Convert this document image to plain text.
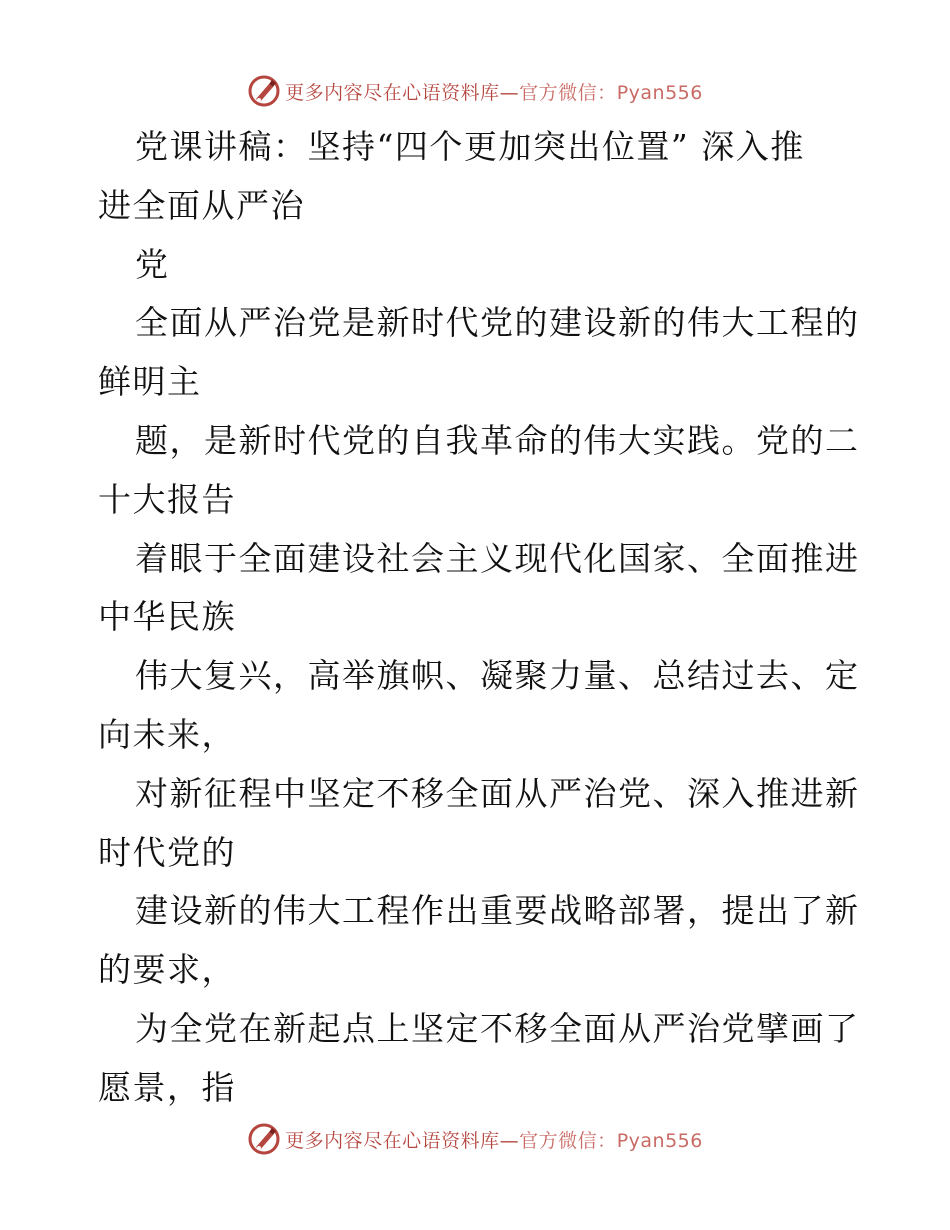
更多内容尽在心语资料库—官方微信：Pyan556
党课讲稿：坚持“四个更加突出位置” 深入推
进全面从严治
党
全面从严治党是新时代党的建设新的伟大工程的
鲜明主
题，是新时代党的自我革命的伟大实践。党的二
十大报告
着眼于全面建设社会主义现代化国家、全面推进
中华民族
伟大复兴，高举旗帜、凝聚力量、总结过去、定
向未来，
对新征程中坚定不移全面从严治党、深入推进新
时代党的
建设新的伟大工程作出重要战略部署，提出了新
的要求，
为全党在新起点上坚定不移全面从严治党擘画了
愿景，指
更多内容尽在心语资料库—官方微信：Pyan556
